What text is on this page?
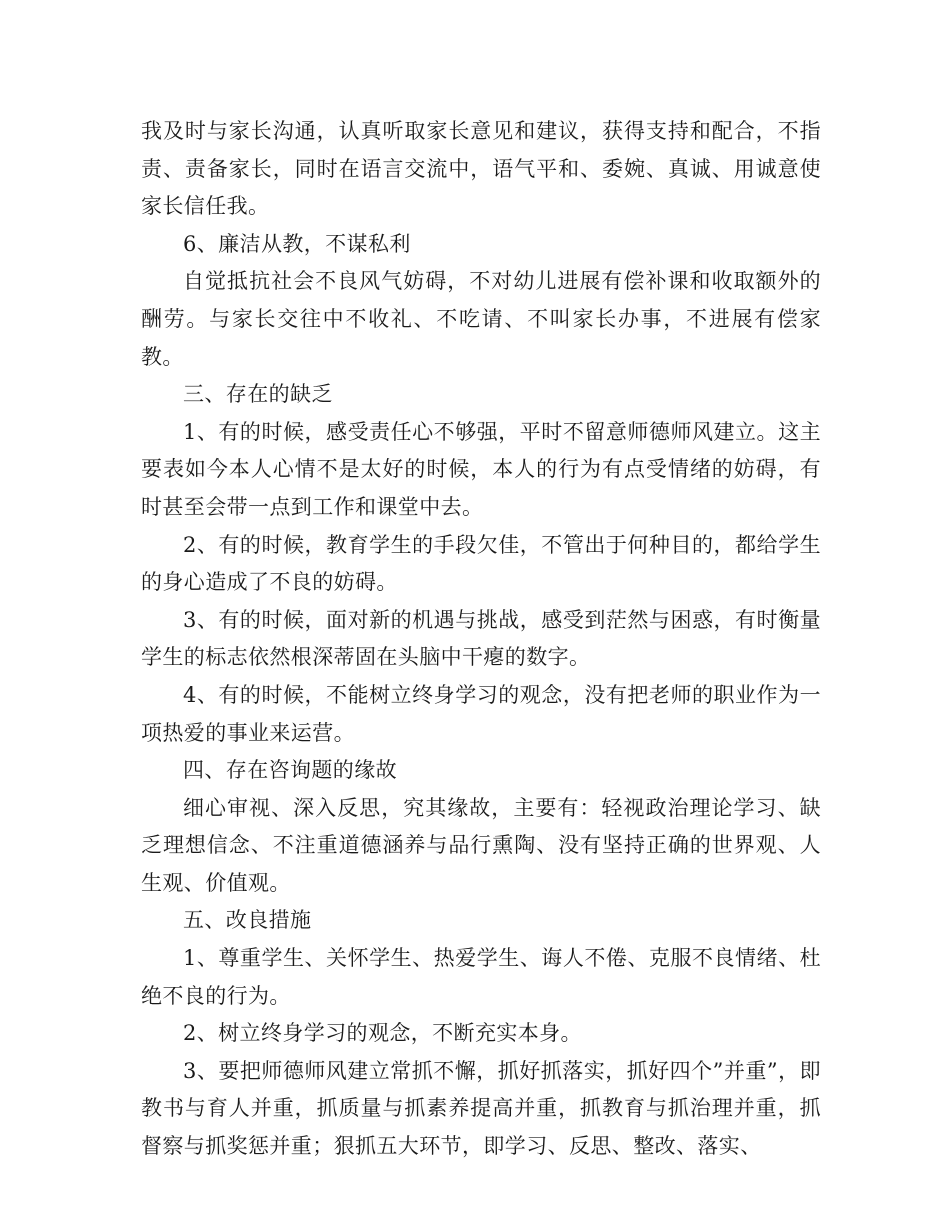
我及时与家长沟通，认真听取家长意见和建议，获得支持和配合，不指责、责备家长，同时在语言交流中，语气平和、委婉、真诚、用诚意使家长信任我。

6、廉洁从教，不谋私利

自觉抵抗社会不良风气妨碍，不对幼儿进展有偿补课和收取额外的酬劳。与家长交往中不收礼、不吃请、不叫家长办事，不进展有偿家教。

三、存在的缺乏

1、有的时候，感受责任心不够强，平时不留意师德师风建立。这主要表如今本人心情不是太好的时候，本人的行为有点受情绪的妨碍，有时甚至会带一点到工作和课堂中去。

2、有的时候，教育学生的手段欠佳，不管出于何种目的，都给学生的身心造成了不良的妨碍。

3、有的时候，面对新的机遇与挑战，感受到茫然与困惑，有时衡量学生的标志依然根深蒂固在头脑中干瘪的数字。

4、有的时候，不能树立终身学习的观念，没有把老师的职业作为一项热爱的事业来运营。

四、存在咨询题的缘故

细心审视、深入反思，究其缘故，主要有：轻视政治理论学习、缺乏理想信念、不注重道德涵养与品行熏陶、没有坚持正确的世界观、人生观、价值观。

五、改良措施

1、尊重学生、关怀学生、热爱学生、诲人不倦、克服不良情绪、杜绝不良的行为。

2、树立终身学习的观念，不断充实本身。

3、要把师德师风建立常抓不懈，抓好抓落实，抓好四个”并重”，即教书与育人并重，抓质量与抓素养提高并重，抓教育与抓治理并重，抓督察与抓奖惩并重；狠抓五大环节，即学习、反思、整改、落实、
